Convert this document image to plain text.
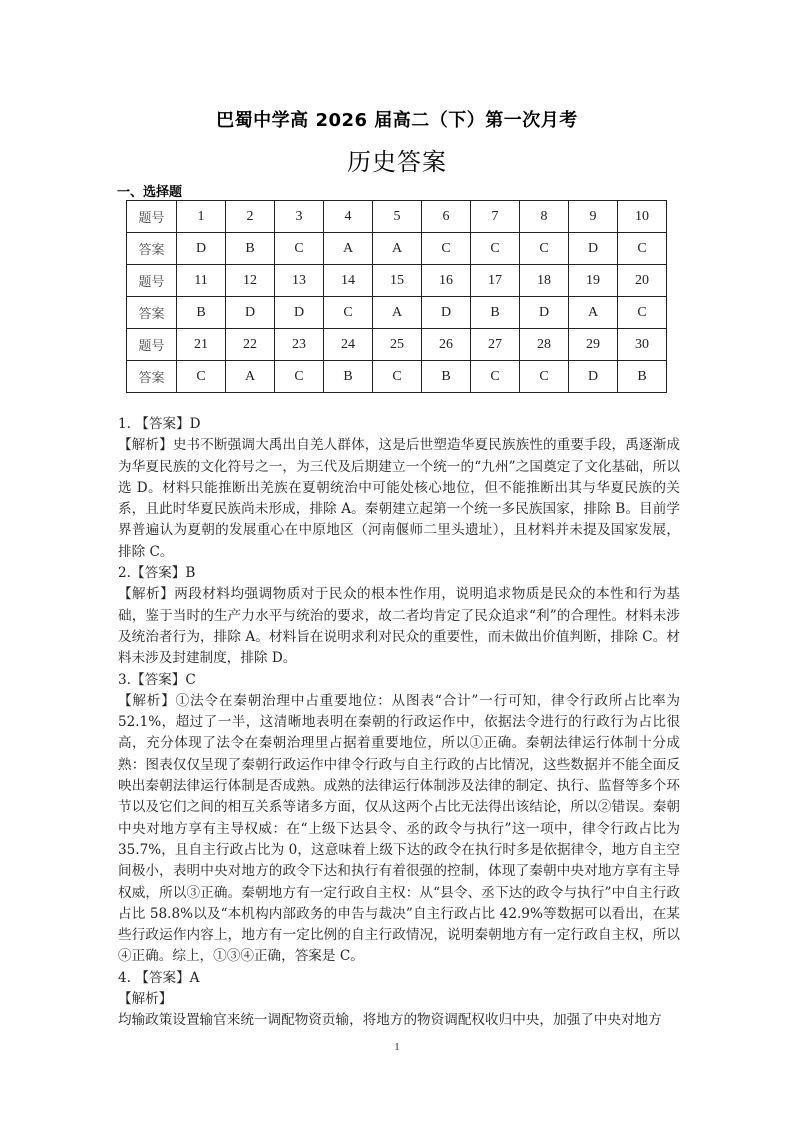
巴蜀中学高 2026 届高二（下）第一次月考
历史答案
一、选择题
题号	1	2	3	4	5	6	7	8	9	10
答案	D	B	C	A	A	C	C	C	D	C
题号	11	12	13	14	15	16	17	18	19	20
答案	B	D	D	C	A	D	B	D	A	C
题号	21	22	23	24	25	26	27	28	29	30
答案	C	A	C	B	C	B	C	C	D	B

1. 【答案】D

【解析】史书不断强调大禹出自羌人群体，这是后世塑造华夏民族族性的重要手段，禹逐渐成为华夏民族的文化符号之一，为三代及后期建立一个统一的“九州”之国奠定了文化基础，所以选 D。材料只能推断出羌族在夏朝统治中可能处核心地位，但不能推断出其与华夏民族的关系，且此时华夏民族尚未形成，排除 A。秦朝建立起第一个统一多民族国家，排除 B。目前学界普遍认为夏朝的发展重心在中原地区（河南偃师二里头遗址），且材料并未提及国家发展，排除 C。

2.【答案】B

【解析】两段材料均强调物质对于民众的根本性作用，说明追求物质是民众的本性和行为基础，鉴于当时的生产力水平与统治的要求，故二者均肯定了民众追求“利”的合理性。材料未涉及统治者行为，排除 A。材料旨在说明求利对民众的重要性，而未做出价值判断，排除 C。材料未涉及封建制度，排除 D。

3.【答案】C

【解析】①法令在秦朝治理中占重要地位：从图表“合计”一行可知，律令行政所占比率为 52.1%，超过了一半，这清晰地表明在秦朝的行政运作中，依据法令进行的行政行为占比很高，充分体现了法令在秦朝治理里占据着重要地位，所以①正确。秦朝法律运行体制十分成熟：图表仅仅呈现了秦朝行政运作中律令行政与自主行政的占比情况，这些数据并不能全面反映出秦朝法律运行体制是否成熟。成熟的法律运行体制涉及法律的制定、执行、监督等多个环节以及它们之间的相互关系等诸多方面，仅从这两个占比无法得出该结论，所以②错误。秦朝中央对地方享有主导权威：在“上级下达县令、丞的政令与执行”这一项中，律令行政占比为 35.7%，且自主行政占比为 0，这意味着上级下达的政令在执行时多是依据律令，地方自主空间极小，表明中央对地方的政令下达和执行有着很强的控制，体现了秦朝中央对地方享有主导权威，所以③正确。秦朝地方有一定行政自主权：从“县令、丞下达的政令与执行”中自主行政占比 58.8%以及“本机构内部政务的申告与裁决”自主行政占比 42.9%等数据可以看出，在某些行政运作内容上，地方有一定比例的自主行政情况，说明秦朝地方有一定行政自主权，所以④正确。综上，①③④正确，答案是 C。

4. 【答案】A

【解析】

均输政策设置输官来统一调配物资贡输，将地方的物资调配权收归中央，加强了中央对地方

1
